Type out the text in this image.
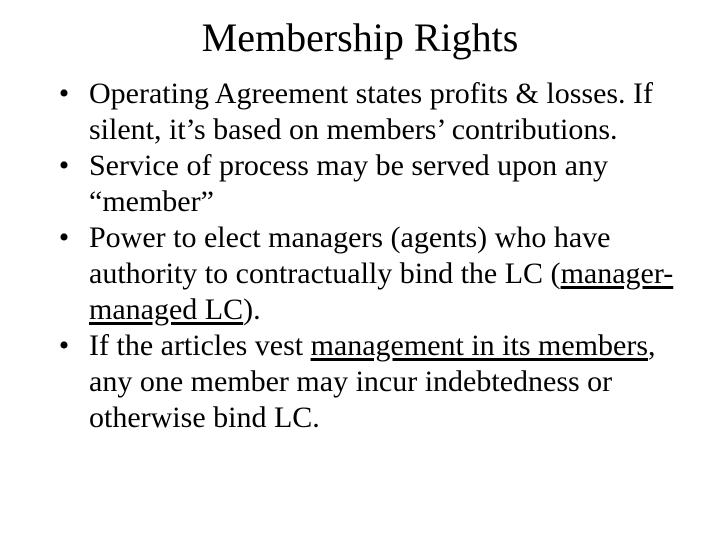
Membership Rights
• Operating Agreement states profits & losses. If silent, it’s based on members’ contributions.
• Service of process may be served upon any “member”
• Power to elect managers (agents) who have authority to contractually bind the LC (manager-managed LC).
• If the articles vest management in its members, any one member may incur indebtedness or otherwise bind LC.
